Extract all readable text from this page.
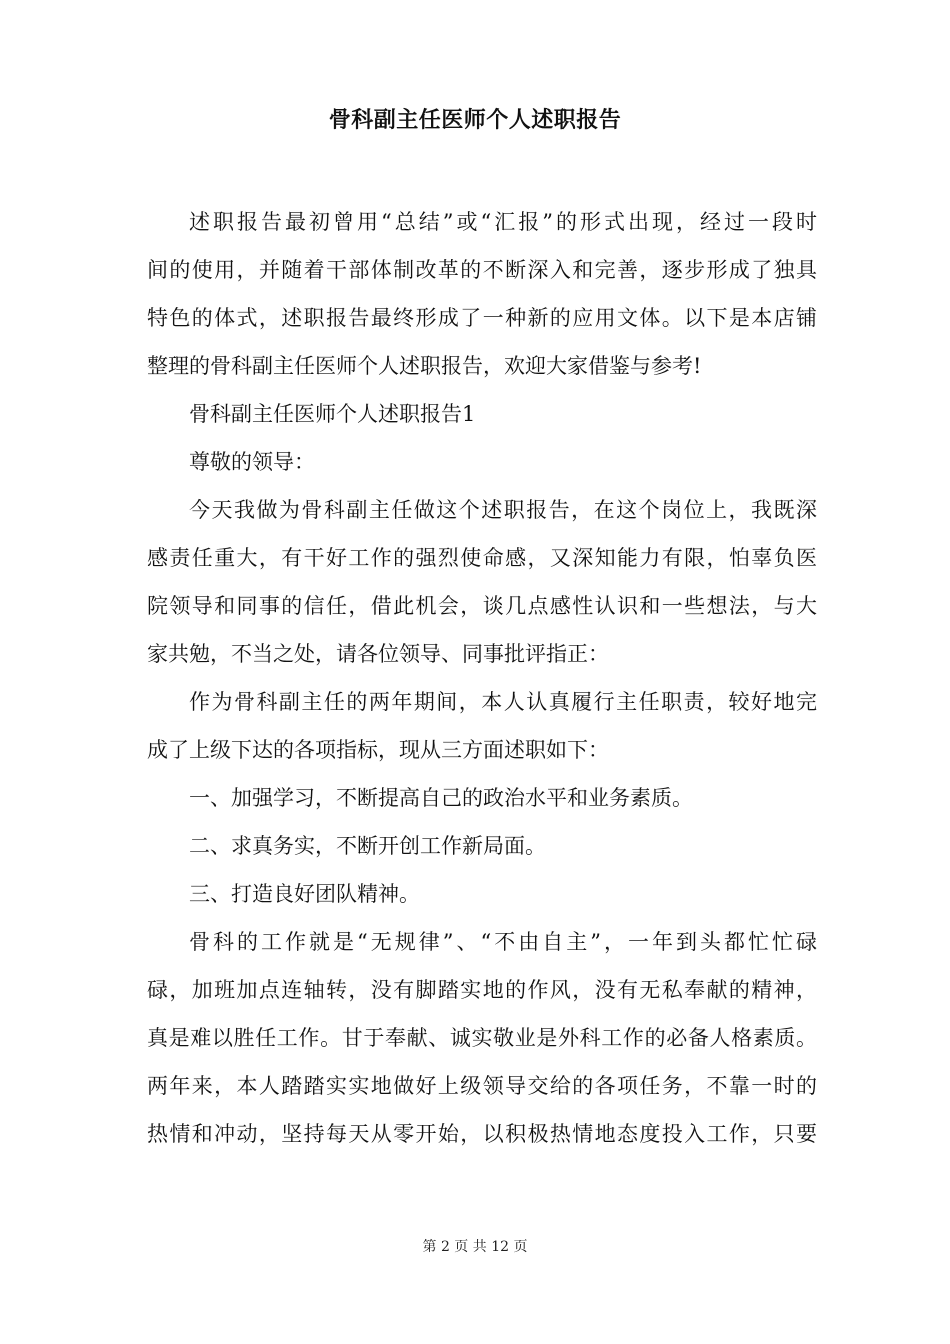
骨科副主任医师个人述职报告
述职报告最初曾用“总结”或“汇报”的形式出现，经过一段时
间的使用，并随着干部体制改革的不断深入和完善，逐步形成了独具
特色的体式，述职报告最终形成了一种新的应用文体。以下是本店铺
整理的骨科副主任医师个人述职报告，欢迎大家借鉴与参考!
骨科副主任医师个人述职报告1
尊敬的领导：
今天我做为骨科副主任做这个述职报告，在这个岗位上，我既深
感责任重大，有干好工作的强烈使命感，又深知能力有限，怕辜负医
院领导和同事的信任，借此机会，谈几点感性认识和一些想法，与大
家共勉，不当之处，请各位领导、同事批评指正：
作为骨科副主任的两年期间，本人认真履行主任职责，较好地完
成了上级下达的各项指标，现从三方面述职如下：
一、加强学习，不断提高自己的政治水平和业务素质。
二、求真务实，不断开创工作新局面。
三、打造良好团队精神。
骨科的工作就是“无规律”、“不由自主”，一年到头都忙忙碌
碌，加班加点连轴转，没有脚踏实地的作风，没有无私奉献的精神，
真是难以胜任工作。甘于奉献、诚实敬业是外科工作的必备人格素质。
两年来，本人踏踏实实地做好上级领导交给的各项任务，不靠一时的
热情和冲动，坚持每天从零开始，以积极热情地态度投入工作，只要
第 2 页 共 12 页
